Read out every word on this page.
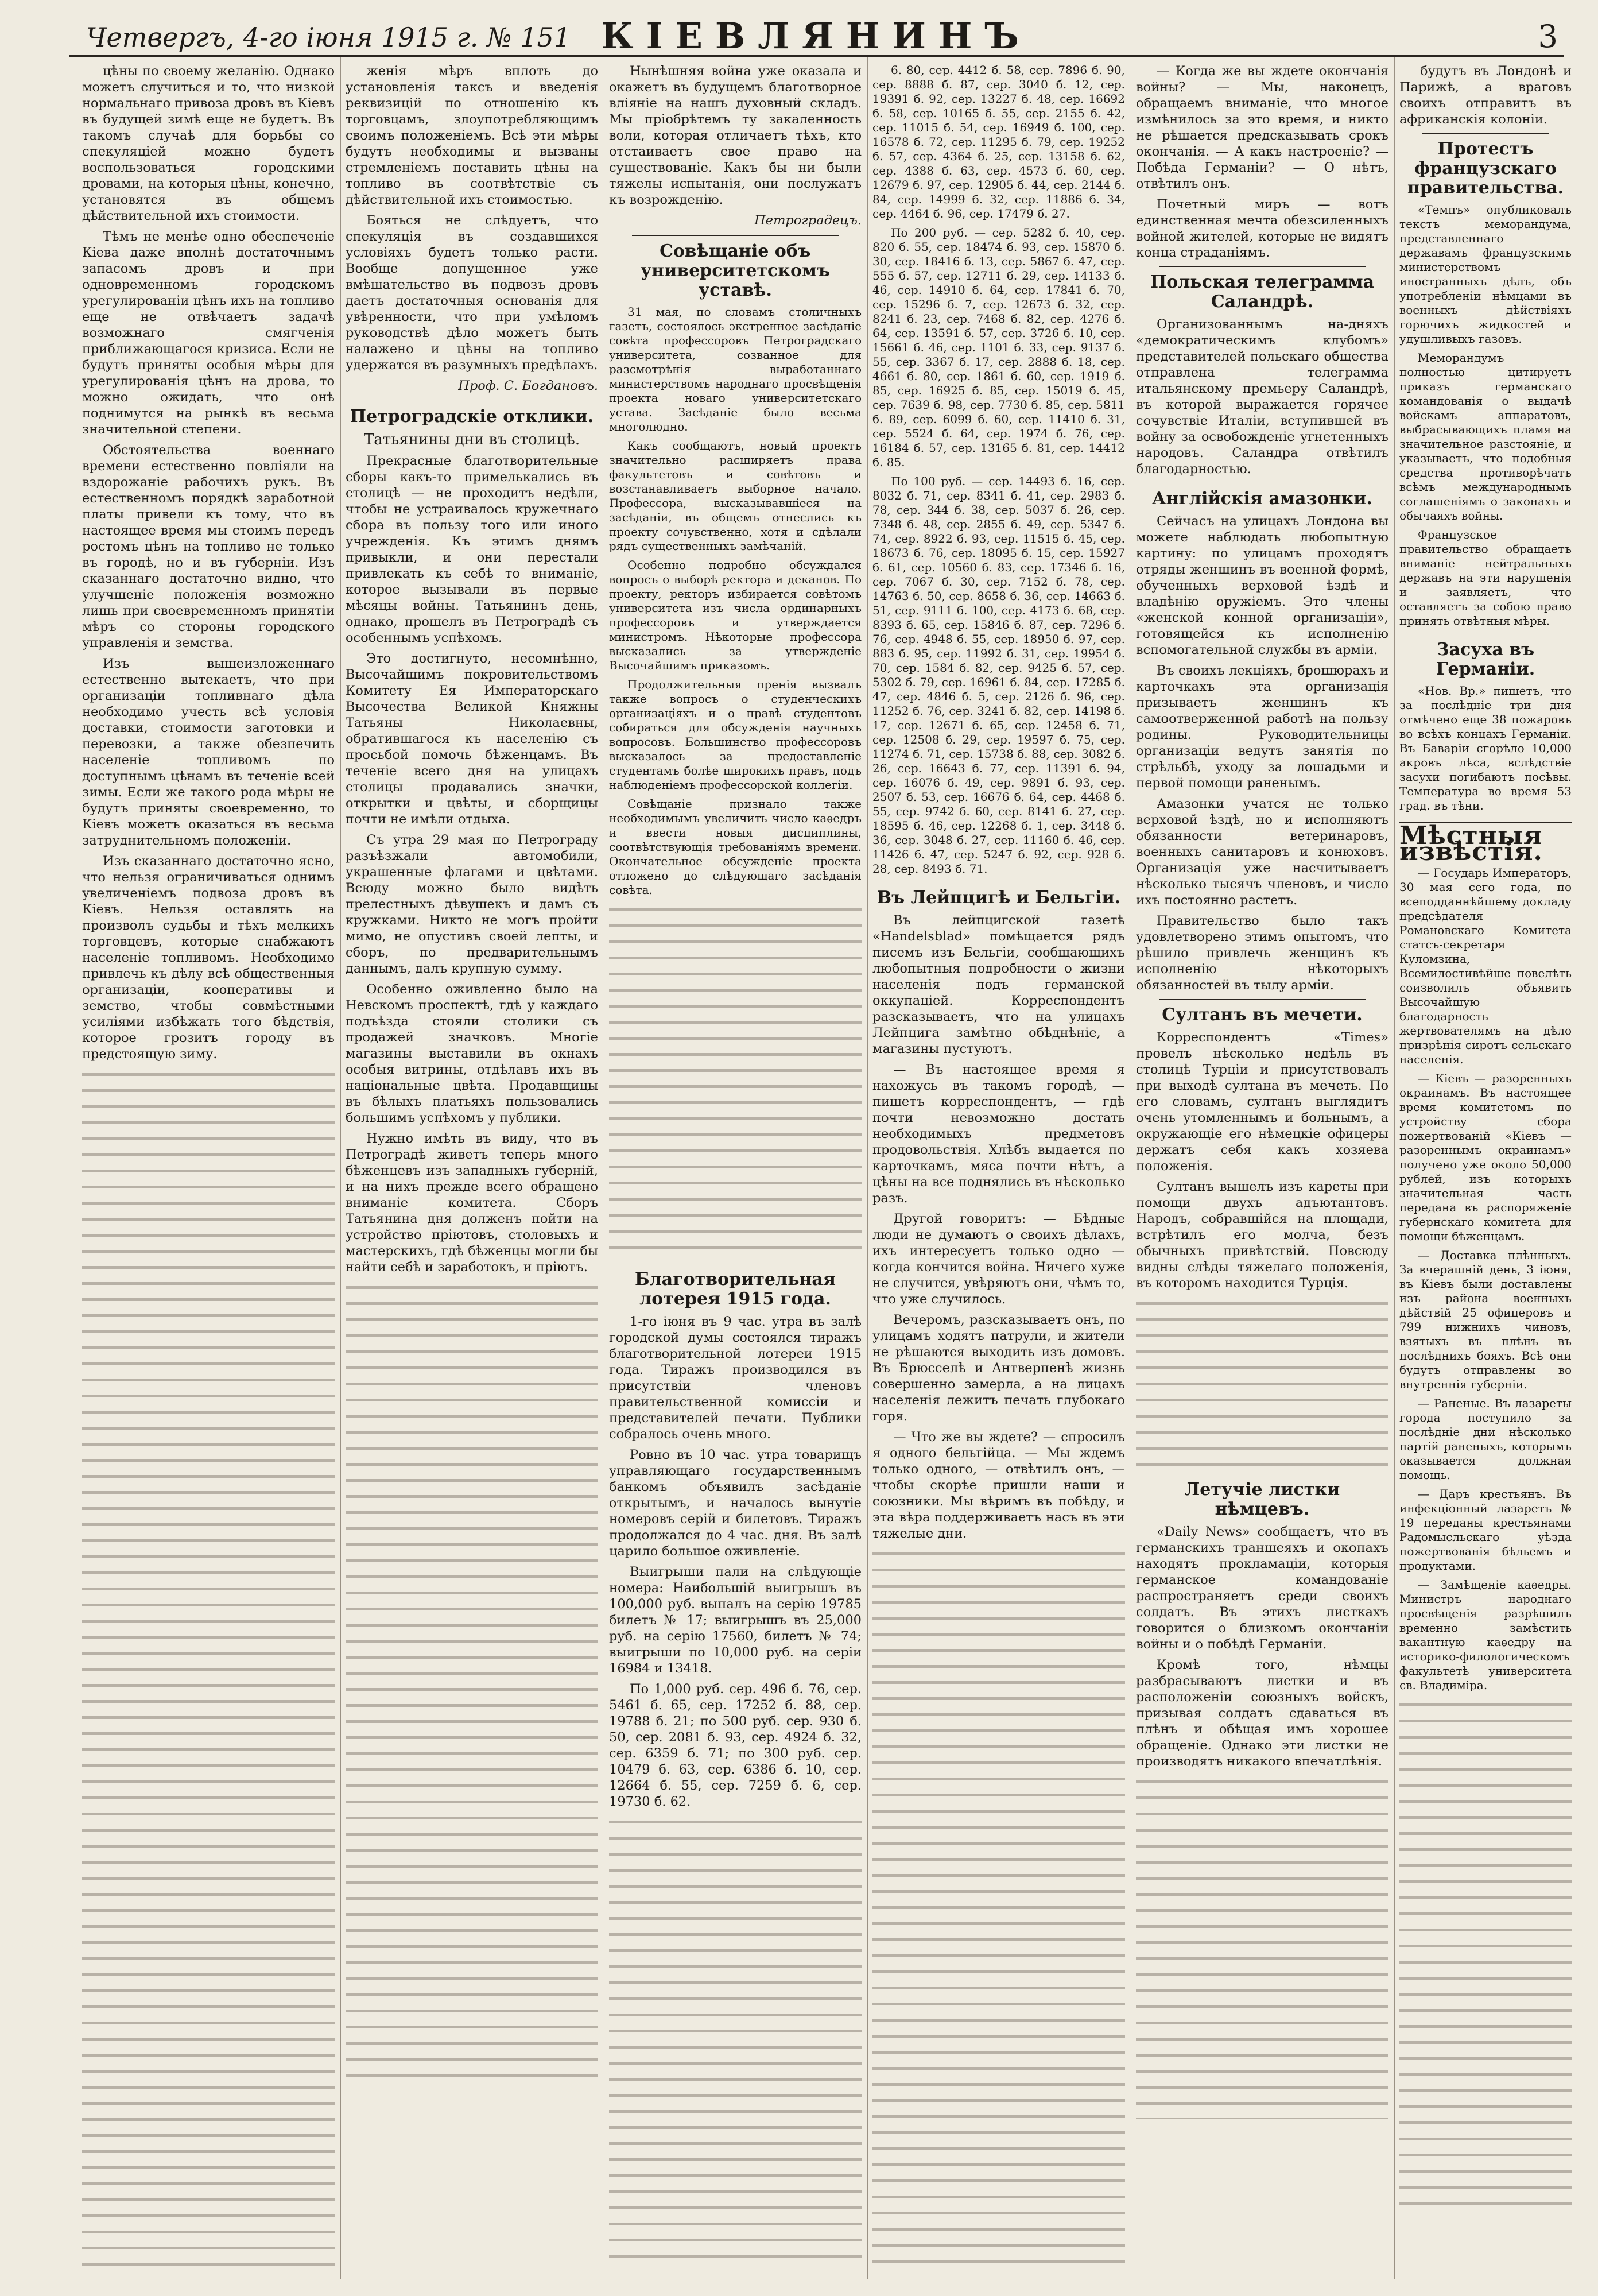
Четвергъ, 4-го іюня 1915 г. № 151 КІЕВЛЯНИНЪ	3

цѣны по своему желанію. Однако можетъ случиться и то, что низкой нормальнаго привоза дровъ въ Кіевъ въ будущей зимѣ еще не будетъ. Въ такомъ случаѣ для борьбы со спекуляціей можно будетъ воспользоваться городскими дровами, на которыя цѣны, конечно, установятся въ общемъ дѣйствительной ихъ стоимости.

Тѣмъ не менѣе одно обеспеченіе Кіева даже вполнѣ достаточнымъ запасомъ дровъ и при одновременномъ городскомъ урегулированіи цѣнъ ихъ на топливо еще не отвѣчаетъ задачѣ возможнаго смягченія приближающагося кризиса. Если не будутъ приняты особыя мѣры для урегулированія цѣнъ на дрова, то можно ожидать, что онѣ поднимутся на рынкѣ въ весьма значительной степени.

Обстоятельства военнаго времени естественно повліяли на вздорожаніе рабочихъ рукъ. Въ естественномъ порядкѣ заработной платы привели къ тому, что въ настоящее время мы стоимъ передъ ростомъ цѣнъ на топливо не только въ городѣ, но и въ губерніи. Изъ сказаннаго достаточно видно, что улучшеніе положенія возможно лишь при своевременномъ принятіи мѣръ со стороны городского управленія и земства.

Изъ вышеизложеннаго естественно вытекаетъ, что при организаціи топливнаго дѣла необходимо учесть всѣ условія доставки, стоимости заготовки и перевозки, а также обезпечить населеніе топливомъ по доступнымъ цѣнамъ въ теченіе всей зимы. Если же такого рода мѣры не будутъ приняты своевременно, то Кіевъ можетъ оказаться въ весьма затруднительномъ положеніи.

Изъ сказаннаго достаточно ясно, что нельзя ограничиваться однимъ увеличеніемъ подвоза дровъ въ Кіевъ. Нельзя оставлять на произволъ судьбы и тѣхъ мелкихъ торговцевъ, которые снабжаютъ населеніе топливомъ. Необходимо привлечь къ дѣлу всѣ общественныя организаціи, кооперативы и земство, чтобы совмѣстными усиліями избѣжать того бѣдствія, которое грозитъ городу въ предстоящую зиму.

женія мѣръ вплоть до установленія таксъ и введенія реквизицій по отношенію къ торговцамъ, злоупотребляющимъ своимъ положеніемъ. Всѣ эти мѣры будутъ необходимы и вызваны стремленіемъ поставить цѣны на топливо въ соотвѣтствіе съ дѣйствительной ихъ стоимостью.

Бояться не слѣдуетъ, что спекуляція въ создавшихся условіяхъ будетъ только расти. Вообще допущенное уже вмѣшательство въ подвозъ дровъ даетъ достаточныя основанія для увѣренности, что при умѣломъ руководствѣ дѣло можетъ быть налажено и цѣны на топливо удержатся въ разумныхъ предѣлахъ.

Проф. С. Богдановъ.
Петроградскіе отклики.
Татьянины дни въ столицѣ.

Прекрасные благотворительные сборы какъ-то примелькались въ столицѣ — не проходитъ недѣли, чтобы не устраивалось кружечнаго сбора въ пользу того или иного учрежденія. Къ этимъ днямъ привыкли, и они перестали привлекать къ себѣ то вниманіе, которое вызывали въ первые мѣсяцы войны. Татьянинъ день, однако, прошелъ въ Петроградѣ съ особеннымъ успѣхомъ.

Это достигнуто, несомнѣнно, Высочайшимъ покровительствомъ Комитету Ея Императорскаго Высочества Великой Княжны Татьяны Николаевны, обратившагося къ населенію съ просьбой помочь бѣженцамъ. Въ теченіе всего дня на улицахъ столицы продавались значки, открытки и цвѣты, и сборщицы почти не имѣли отдыха.

Съ утра 29 мая по Петрограду разъѣзжали автомобили, украшенные флагами и цвѣтами. Всюду можно было видѣть прелестныхъ дѣвушекъ и дамъ съ кружками. Никто не могъ пройти мимо, не опустивъ своей лепты, и сборъ, по предварительнымъ даннымъ, далъ крупную сумму.

Особенно оживленно было на Невскомъ проспектѣ, гдѣ у каждаго подъѣзда стояли столики съ продажей значковъ. Многіе магазины выставили въ окнахъ особыя витрины, отдѣлавъ ихъ въ національные цвѣта. Продавщицы въ бѣлыхъ платьяхъ пользовались большимъ успѣхомъ у публики.

Нужно имѣть въ виду, что въ Петроградѣ живетъ теперь много бѣженцевъ изъ западныхъ губерній, и на нихъ прежде всего обращено вниманіе комитета. Сборъ Татьянина дня долженъ пойти на устройство пріютовъ, столовыхъ и мастерскихъ, гдѣ бѣженцы могли бы найти себѣ и заработокъ, и пріютъ.

Нынѣшняя война уже оказала и окажетъ въ будущемъ благотворное вліяніе на нашъ духовный складъ. Мы пріобрѣтемъ ту закаленность воли, которая отличаетъ тѣхъ, кто отстаиваетъ свое право на существованіе. Какъ бы ни были тяжелы испытанія, они послужатъ къ возрожденію.

Петроградецъ.
Совѣщаніе объ университетскомъ уставѣ.

31 мая, по словамъ столичныхъ газетъ, состоялось экстренное засѣданіе совѣта профессоровъ Петроградскаго университета, созванное для разсмотрѣнія выработаннаго министерствомъ народнаго просвѣщенія проекта новаго университетскаго устава. Засѣданіе было весьма многолюдно.

Какъ сообщаютъ, новый проектъ значительно расширяетъ права факультетовъ и совѣтовъ и возстанавливаетъ выборное начало. Профессора, высказывавшіеся на засѣданіи, въ общемъ отнеслись къ проекту сочувственно, хотя и сдѣлали рядъ существенныхъ замѣчаній.

Особенно подробно обсуждался вопросъ о выборѣ ректора и деканов. По проекту, ректоръ избирается совѣтомъ университета изъ числа ординарныхъ профессоровъ и утверждается министромъ. Нѣкоторые профессора высказались за утвержденіе Высочайшимъ приказомъ.

Продолжительныя пренія вызвалъ также вопросъ о студенческихъ организаціяхъ и о правѣ студентовъ собираться для обсужденія научныхъ вопросовъ. Большинство профессоровъ высказалось за предоставленіе студентамъ болѣе широкихъ правъ, подъ наблюденіемъ профессорской коллегіи.

Совѣщаніе признало также необходимымъ увеличить число каѳедръ и ввести новыя дисциплины, соотвѣтствующія требованіямъ времени. Окончательное обсужденіе проекта отложено до слѣдующаго засѣданія совѣта.

Благотворительная лотерея 1915 года.

1-го іюня въ 9 час. утра въ залѣ городской думы состоялся тиражъ благотворительной лотереи 1915 года. Тиражъ производился въ присутствіи членовъ правительственной комиссіи и представителей печати. Публики собралось очень много.

Ровно въ 10 час. утра товарищъ управляющаго государственнымъ банкомъ объявилъ засѣданіе открытымъ, и началось вынутіе номеровъ серій и билетовъ. Тиражъ продолжался до 4 час. дня. Въ залѣ царило большое оживленіе.

Выигрыши пали на слѣдующіе номера: Наибольшій выигрышъ въ 100,000 руб. выпалъ на серію 19785 билетъ № 17; выигрышъ въ 25,000 руб. на серію 17560, билетъ № 74; выигрыши по 10,000 руб. на серіи 16984 и 13418.

По 1,000 руб. сер. 496 б. 76, сер. 5461 б. 65, сер. 17252 б. 88, сер. 19788 б. 21; по 500 руб. сер. 930 б. 50, сер. 2081 б. 93, сер. 4924 б. 32, сер. 6359 б. 71; по 300 руб. сер. 10479 б. 63, сер. 6386 б. 10, сер. 12664 б. 55, сер. 7259 б. 6, сер. 19730 б. 62.

6. 80, сер. 4412 б. 58, сер. 7896 б. 90, сер. 8888 б. 87, сер. 3040 б. 12, сер. 19391 б. 92, сер. 13227 б. 48, сер. 16692 б. 58, сер. 10165 б. 55, сер. 2155 б. 42, сер. 11015 б. 54, сер. 16949 б. 100, сер. 16578 б. 72, сер. 11295 б. 79, сер. 19252 б. 57, сер. 4364 б. 25, сер. 13158 б. 62, сер. 4388 б. 63, сер. 4573 б. 60, сер. 12679 б. 97, сер. 12905 б. 44, сер. 2144 б. 84, сер. 14999 б. 32, сер. 11886 б. 34, сер. 4464 б. 96, сер. 17479 б. 27.

По 200 руб. — сер. 5282 б. 40, сер. 820 б. 55, сер. 18474 б. 93, сер. 15870 б. 30, сер. 18416 б. 13, сер. 5867 б. 47, сер. 555 б. 57, сер. 12711 б. 29, сер. 14133 б. 46, сер. 14910 б. 64, сер. 17841 б. 70, сер. 15296 б. 7, сер. 12673 б. 32, сер. 8241 б. 23, сер. 7468 б. 82, сер. 4276 б. 64, сер. 13591 б. 57, сер. 3726 б. 10, сер. 15661 б. 46, сер. 1101 б. 33, сер. 9137 б. 55, сер. 3367 б. 17, сер. 2888 б. 18, сер. 4661 б. 80, сер. 1861 б. 60, сер. 1919 б. 85, сер. 16925 б. 85, сер. 15019 б. 45, сер. 7639 б. 98, сер. 7730 б. 85, сер. 5811 б. 89, сер. 6099 б. 60, сер. 11410 б. 31, сер. 5524 б. 64, сер. 1974 б. 76, сер. 16184 б. 57, сер. 13165 б. 81, сер. 14412 б. 85.

По 100 руб. — сер. 14493 б. 16, сер. 8032 б. 71, сер. 8341 б. 41, сер. 2983 б. 78, сер. 344 б. 38, сер. 5037 б. 26, сер. 7348 б. 48, сер. 2855 б. 49, сер. 5347 б. 74, сер. 8922 б. 93, сер. 11515 б. 45, сер. 18673 б. 76, сер. 18095 б. 15, сер. 15927 б. 61, сер. 10560 б. 83, сер. 17346 б. 16, сер. 7067 б. 30, сер. 7152 б. 78, сер. 14763 б. 50, сер. 8658 б. 36, сер. 14663 б. 51, сер. 9111 б. 100, сер. 4173 б. 68, сер. 8393 б. 65, сер. 15846 б. 87, сер. 7296 б. 76, сер. 4948 б. 55, сер. 18950 б. 97, сер. 883 б. 95, сер. 11992 б. 31, сер. 19954 б. 70, сер. 1584 б. 82, сер. 9425 б. 57, сер. 5302 б. 79, сер. 16961 б. 84, сер. 17285 б. 47, сер. 4846 б. 5, сер. 2126 б. 96, сер. 11252 б. 76, сер. 3241 б. 82, сер. 14198 б. 17, сер. 12671 б. 65, сер. 12458 б. 71, сер. 12508 б. 29, сер. 19597 б. 75, сер. 11274 б. 71, сер. 15738 б. 88, сер. 3082 б. 26, сер. 16643 б. 77, сер. 11391 б. 94, сер. 16076 б. 49, сер. 9891 б. 93, сер. 2507 б. 53, сер. 16676 б. 64, сер. 4468 б. 55, сер. 9742 б. 60, сер. 8141 б. 27, сер. 18595 б. 46, сер. 12268 б. 1, сер. 3448 б. 36, сер. 3048 б. 27, сер. 11160 б. 46, сер. 11426 б. 47, сер. 5247 б. 92, сер. 928 б. 28, сер. 8493 б. 71.

Въ Лейпцигѣ и Бельгіи.

Въ лейпцигской газетѣ «Handelsblad» помѣщается рядъ писемъ изъ Бельгіи, сообщающихъ любопытныя подробности о жизни населенія подъ германской оккупаціей. Корреспондентъ разсказываетъ, что на улицахъ Лейпцига замѣтно обѣднѣніе, а магазины пустуютъ.

— Въ настоящее время я нахожусь въ такомъ городѣ, — пишетъ корреспондентъ, — гдѣ почти невозможно достать необходимыхъ предметовъ продовольствія. Хлѣбъ выдается по карточкамъ, мяса почти нѣтъ, а цѣны на все поднялись въ нѣсколько разъ.

Другой говоритъ: — Бѣдные люди не думаютъ о своихъ дѣлахъ, ихъ интересуетъ только одно — когда кончится война. Ничего хуже не случится, увѣряютъ они, чѣмъ то, что уже случилось.

Вечеромъ, разсказываетъ онъ, по улицамъ ходятъ патрули, и жители не рѣшаются выходить изъ домовъ. Въ Брюсселѣ и Антверпенѣ жизнь совершенно замерла, а на лицахъ населенія лежитъ печать глубокаго горя.

— Что же вы ждете? — спросилъ я одного бельгійца. — Мы ждемъ только одного, — отвѣтилъ онъ, — чтобы скорѣе пришли наши и союзники. Мы вѣримъ въ побѣду, и эта вѣра поддерживаетъ насъ въ эти тяжелые дни.

— Когда же вы ждете окончанія войны? — Мы, наконецъ, обращаемъ вниманіе, что многое измѣнилось за это время, и никто не рѣшается предсказывать срокъ окончанія. — А какъ настроеніе? — Побѣда Германіи? — О нѣтъ, отвѣтилъ онъ.

Почетный миръ — вотъ единственная мечта обезсиленныхъ войной жителей, которые не видятъ конца страданіямъ.

Польская телеграмма Саландрѣ.

Организованнымъ на-дняхъ «демократическимъ клубомъ» представителей польскаго общества отправлена телеграмма итальянскому премьеру Саландрѣ, въ которой выражается горячее сочувствіе Италіи, вступившей въ войну за освобожденіе угнетенныхъ народовъ. Саландра отвѣтилъ благодарностью.

Англійскія амазонки.

Сейчасъ на улицахъ Лондона вы можете наблюдать любопытную картину: по улицамъ проходятъ отряды женщинъ въ военной формѣ, обученныхъ верховой ѣздѣ и владѣнію оружіемъ. Это члены «женской конной организаціи», готовящейся къ исполненію вспомогательной службы въ армiи.

Въ своихъ лекціяхъ, брошюрахъ и карточкахъ эта организація призываетъ женщинъ къ самоотверженной работѣ на пользу родины. Руководительницы организаціи ведутъ занятія по стрѣльбѣ, уходу за лошадьми и первой помощи раненымъ.

Амазонки учатся не только верховой ѣздѣ, но и исполняютъ обязанности ветеринаровъ, военныхъ санитаровъ и конюховъ. Организація уже насчитываетъ нѣсколько тысячъ членовъ, и число ихъ постоянно растетъ.

Правительство было такъ удовлетворено этимъ опытомъ, что рѣшило привлечь женщинъ къ исполненію нѣкоторыхъ обязанностей въ тылу армiи.

Султанъ въ мечети.

Корреспондентъ «Times» провелъ нѣсколько недѣль въ столицѣ Турціи и присутствовалъ при выходѣ султана въ мечеть. По его словамъ, султанъ выглядитъ очень утомленнымъ и больнымъ, а окружающіе его нѣмецкіе офицеры держатъ себя какъ хозяева положенія.

Султанъ вышелъ изъ кареты при помощи двухъ адъютантовъ. Народъ, собравшійся на площади, встрѣтилъ его молча, безъ обычныхъ привѣтствій. Повсюду видны слѣды тяжелаго положенія, въ которомъ находится Турція.

Летучіе листки нѣмцевъ.

«Daily News» сообщаетъ, что въ германскихъ траншеяхъ и окопахъ находятъ прокламаціи, которыя германское командованіе распространяетъ среди своихъ солдатъ. Въ этихъ листкахъ говорится о близкомъ окончаніи войны и о побѣдѣ Германіи.

Кромѣ того, нѣмцы разбрасываютъ листки и въ расположеніи союзныхъ войскъ, призывая солдатъ сдаваться въ плѣнъ и обѣщая имъ хорошее обращеніе. Однако эти листки не производятъ никакого впечатлѣнія.

будутъ въ Лондонѣ и Парижѣ, а враговъ своихъ отправитъ въ африканскія колоніи.

Протестъ французскаго правительства.

«Темпъ» опубликовалъ текстъ меморандума, представленнаго державамъ французскимъ министерствомъ иностранныхъ дѣлъ, объ употребленіи нѣмцами въ военныхъ дѣйствіяхъ горючихъ жидкостей и удушливыхъ газовъ.

Меморандумъ полностью цитируетъ приказъ германскаго командованія о выдачѣ войскамъ аппаратовъ, выбрасывающихъ пламя на значительное разстояніе, и указываетъ, что подобныя средства противорѣчатъ всѣмъ международнымъ соглашеніямъ о законахъ и обычаяхъ войны.

Французское правительство обращаетъ вниманіе нейтральныхъ державъ на эти нарушенія и заявляетъ, что оставляетъ за собою право принять отвѣтныя мѣры.

Засуха въ Германіи.

«Нов. Вр.» пишетъ, что за послѣдніе три дня отмѣчено еще 38 пожаровъ во всѣхъ концахъ Германіи. Въ Баваріи сгорѣло 10,000 акровъ лѣса, вслѣдствіе засухи погибаютъ посѣвы. Температура во время 53 град. въ тѣни.

Мѣстныя извѣстія.

— Государь Императоръ, 30 мая сего года, по всеподданнѣйшему докладу предсѣдателя Романовскаго Комитета статсъ-секретаря Куломзина, Всемилостивѣйше повелѣть соизволилъ объявить Высочайшую благодарность жертвователямъ на дѣло призрѣнія сиротъ сельскаго населенія.

— Кіевъ — разоренныхъ окраинамъ. Въ настоящее время комитетомъ по устройству сбора пожертвованій «Кіевъ — разореннымъ окраинамъ» получено уже около 50,000 рублей, изъ которыхъ значительная часть передана въ распоряженіе губернскаго комитета для помощи бѣженцамъ.

— Доставка плѣнныхъ. За вчерашній день, 3 іюня, въ Кіевъ были доставлены изъ района военныхъ дѣйствій 25 офицеровъ и 799 нижнихъ чиновъ, взятыхъ въ плѣнъ въ послѣднихъ бояхъ. Всѣ они будутъ отправлены во внутреннія губерніи.

— Раненые. Въ лазареты города поступило за послѣдніе дни нѣсколько партій раненыхъ, которымъ оказывается должная помощь.

— Даръ крестьянъ. Въ инфекціонный лазаретъ № 19 переданы крестьянами Радомысльскаго уѣзда пожертвованія бѣльемъ и продуктами.

— Замѣщеніе каѳедры. Министръ народнаго просвѣщенія разрѣшилъ временно замѣстить вакантную каѳедру на историко-филологическомъ факультетѣ университета св. Владиміра.
